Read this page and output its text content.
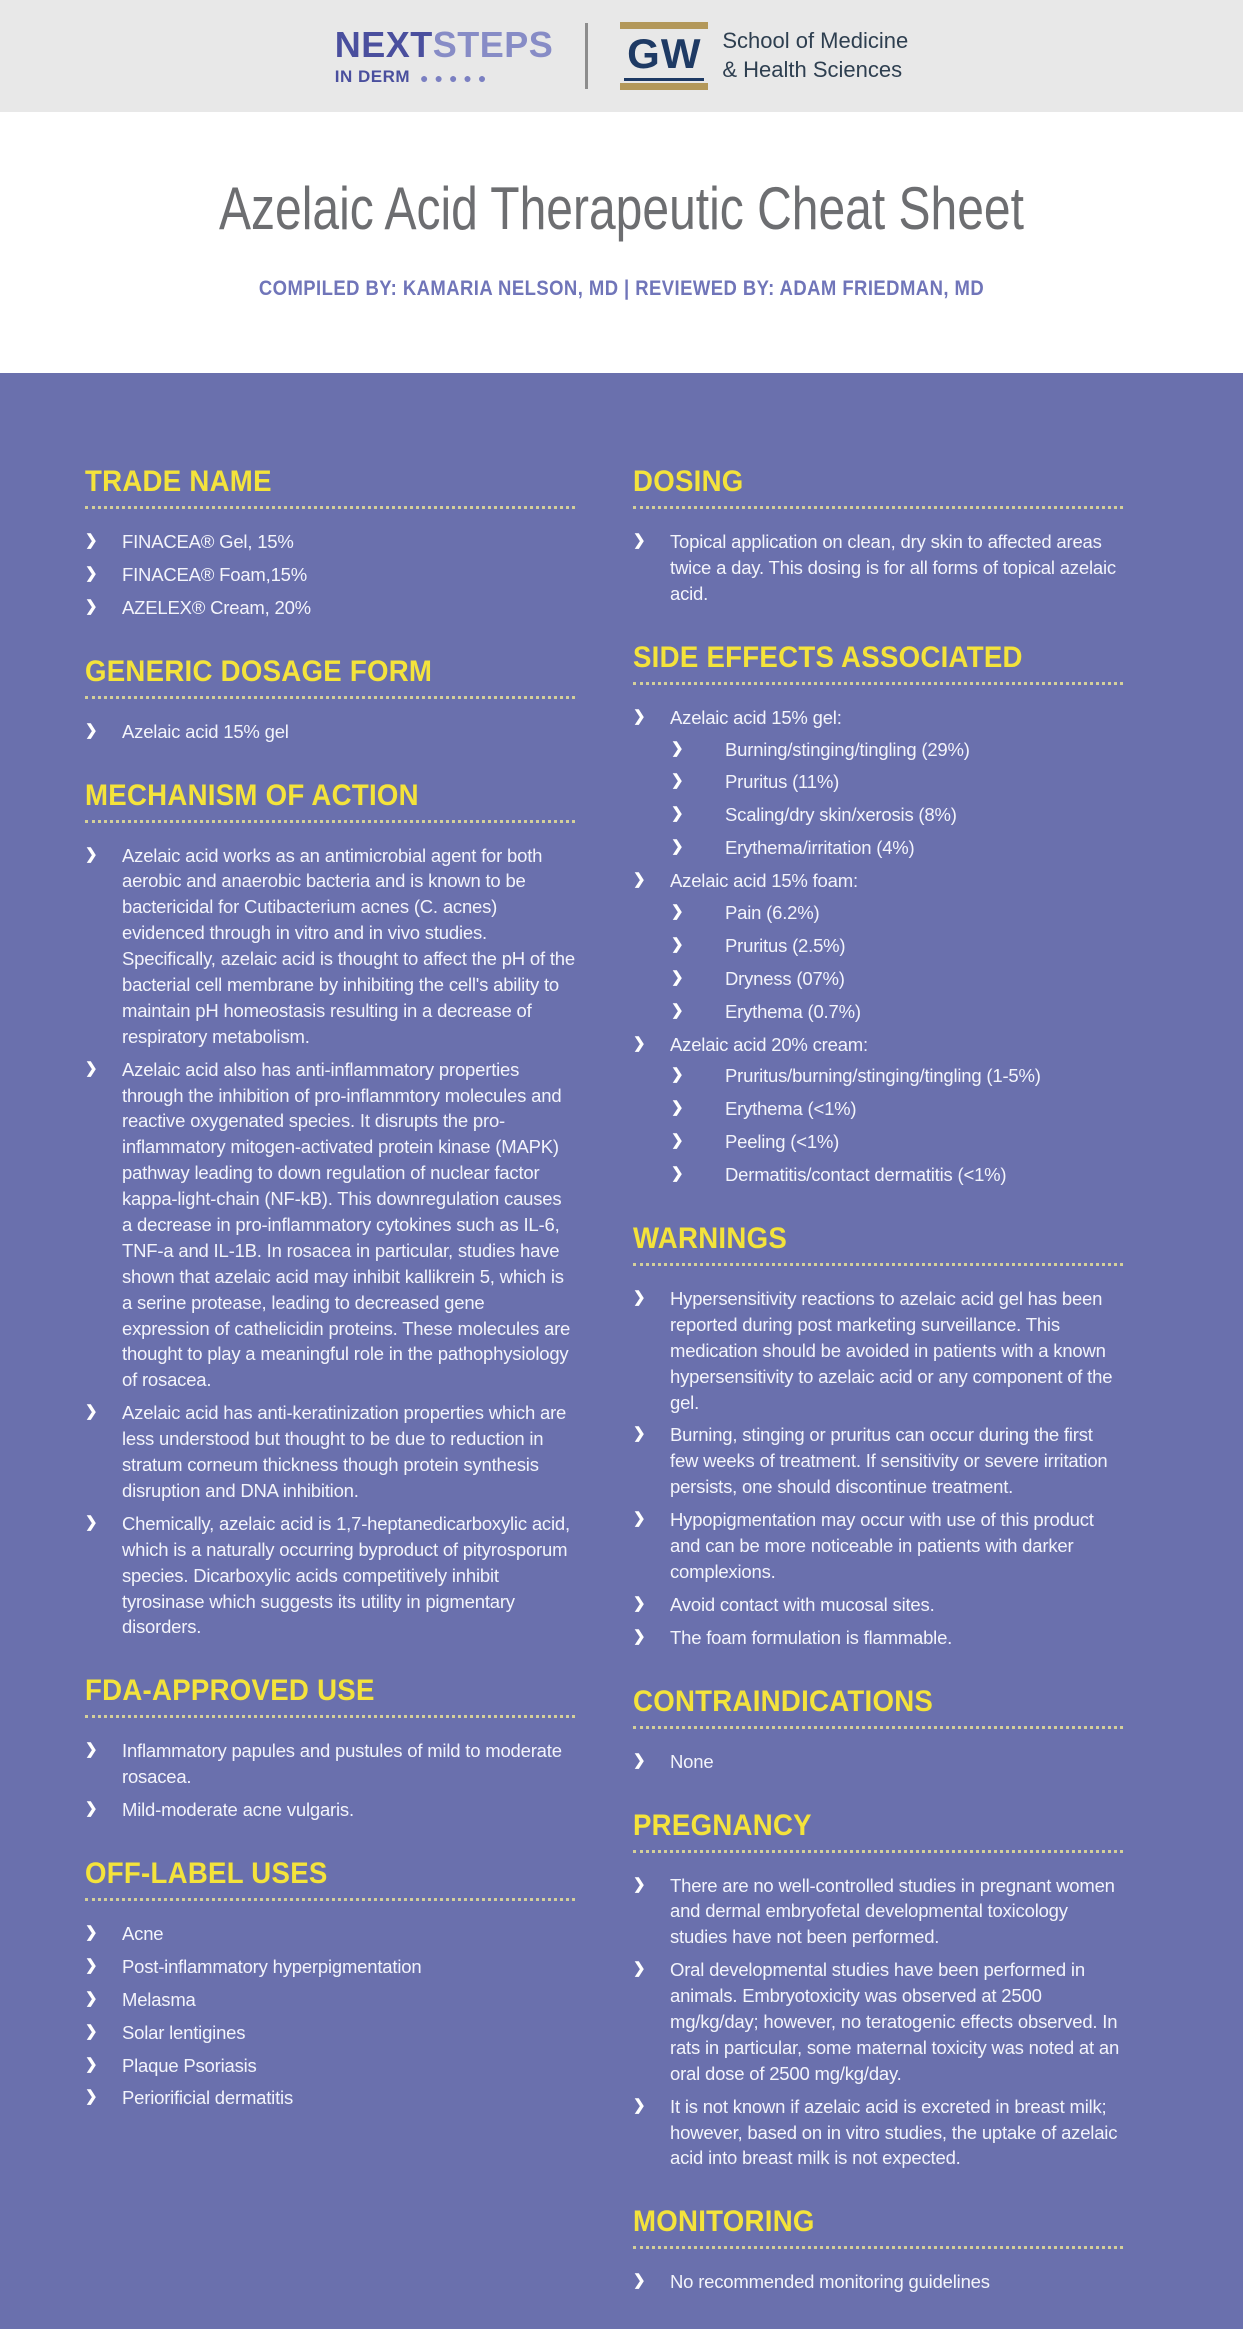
NEXTSTEPS
IN DERM ●●●●●
GW School of Medicine
& Health Sciences
Azelaic Acid Therapeutic Cheat Sheet
COMPILED BY: KAMARIA NELSON, MD | REVIEWED BY: ADAM FRIEDMAN, MD
TRADE NAME
❯ FINACEA® Gel, 15%
❯ FINACEA® Foam,15%
❯ AZELEX® Cream, 20%
GENERIC DOSAGE FORM
❯ Azelaic acid 15% gel
MECHANISM OF ACTION
❯ Azelaic acid works as an antimicrobial agent for both aerobic and anaerobic bacteria and is known to be bactericidal for Cutibacterium acnes (C. acnes) evidenced through in vitro and in vivo studies. Specifically, azelaic acid is thought to affect the pH of the bacterial cell membrane by inhibiting the cell's ability to maintain pH homeostasis resulting in a decrease of respiratory metabolism.
❯ Azelaic acid also has anti-inflammatory properties through the inhibition of pro-inflammtory molecules and reactive oxygenated species. It disrupts the pro-inflammatory mitogen-activated protein kinase (MAPK) pathway leading to down regulation of nuclear factor kappa-light-chain (NF-kB). This downregulation causes a decrease in pro-inflammatory cytokines such as IL-6, TNF-a and IL-1B. In rosacea in particular, studies have shown that azelaic acid may inhibit kallikrein 5, which is a serine protease, leading to decreased gene expression of cathelicidin proteins. These molecules are thought to play a meaningful role in the pathophysiology of rosacea.
❯ Azelaic acid has anti-keratinization properties which are less understood but thought to be due to reduction in stratum corneum thickness though protein synthesis disruption and DNA inhibition.
❯ Chemically, azelaic acid is 1,7-heptanedicarboxylic acid, which is a naturally occurring byproduct of pityrosporum species. Dicarboxylic acids competitively inhibit tyrosinase which suggests its utility in pigmentary disorders.
FDA-APPROVED USE
❯ Inflammatory papules and pustules of mild to moderate rosacea.
❯ Mild-moderate acne vulgaris.
OFF-LABEL USES
❯ Acne
❯ Post-inflammatory hyperpigmentation
❯ Melasma
❯ Solar lentigines
❯ Plaque Psoriasis
❯ Periorificial dermatitis
DOSING
❯ Topical application on clean, dry skin to affected areas twice a day. This dosing is for all forms of topical azelaic acid.
SIDE EFFECTS ASSOCIATED
❯ Azelaic acid 15% gel:
❯ Burning/stinging/tingling (29%)
❯ Pruritus (11%)
❯ Scaling/dry skin/xerosis (8%)
❯ Erythema/irritation (4%)
❯ Azelaic acid 15% foam:
❯ Pain (6.2%)
❯ Pruritus (2.5%)
❯ Dryness (07%)
❯ Erythema (0.7%)
❯ Azelaic acid 20% cream:
❯ Pruritus/burning/stinging/tingling (1-5%)
❯ Erythema (<1%)
❯ Peeling (<1%)
❯ Dermatitis/contact dermatitis (<1%)
WARNINGS
❯ Hypersensitivity reactions to azelaic acid gel has been reported during post marketing surveillance. This medication should be avoided in patients with a known hypersensitivity to azelaic acid or any component of the gel.
❯ Burning, stinging or pruritus can occur during the first few weeks of treatment. If sensitivity or severe irritation persists, one should discontinue treatment.
❯ Hypopigmentation may occur with use of this product and can be more noticeable in patients with darker complexions.
❯ Avoid contact with mucosal sites.
❯ The foam formulation is flammable.
CONTRAINDICATIONS
❯ None
PREGNANCY
❯ There are no well-controlled studies in pregnant women and dermal embryofetal developmental toxicology studies have not been performed.
❯ Oral developmental studies have been performed in animals. Embryotoxicity was observed at 2500 mg/kg/day; however, no teratogenic effects observed. In rats in particular, some maternal toxicity was noted at an oral dose of 2500 mg/kg/day.
❯ It is not known if azelaic acid is excreted in breast milk; however, based on in vitro studies, the uptake of azelaic acid into breast milk is not expected.
MONITORING
❯ No recommended monitoring guidelines
